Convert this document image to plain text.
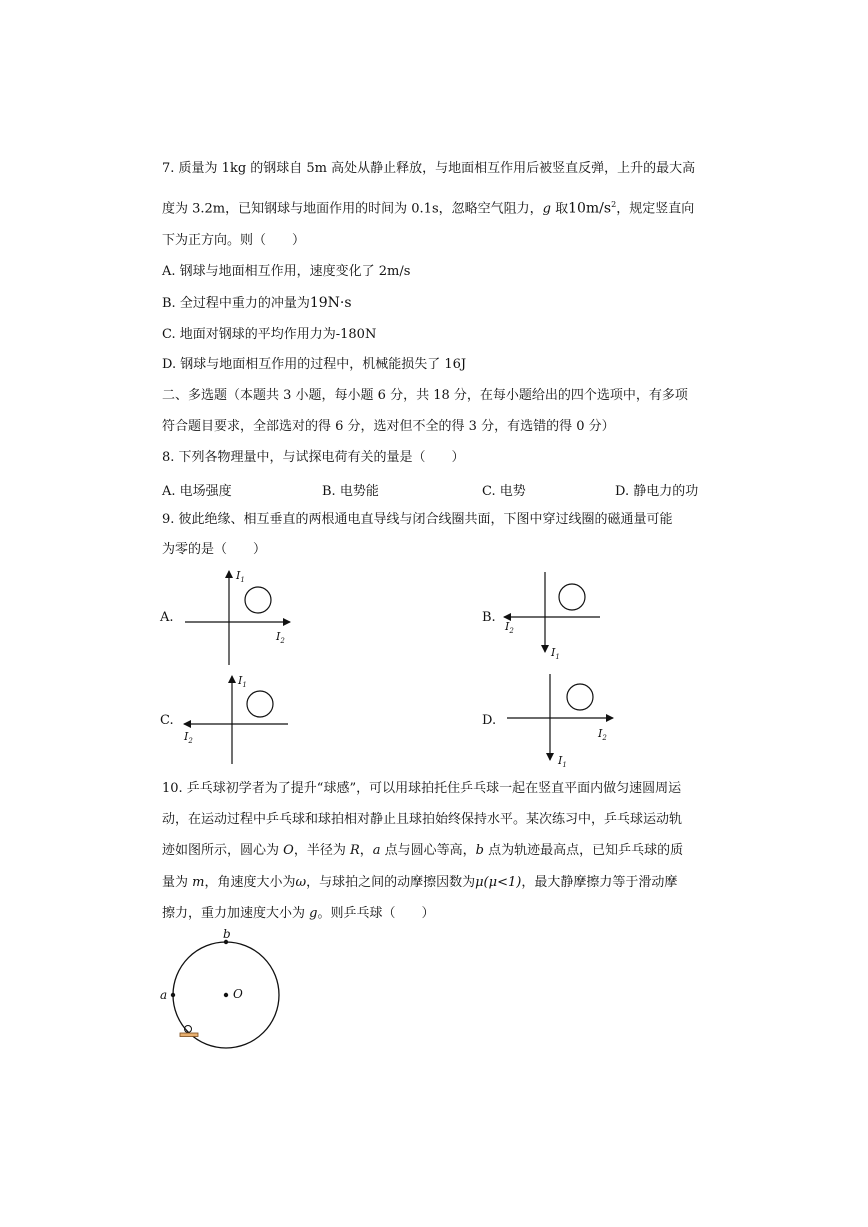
7. 质量为 1kg 的钢球自 5m 高处从静止释放，与地面相互作用后被竖直反弹，上升的最大高
度为 3.2m，已知钢球与地面作用的时间为 0.1s，忽略空气阻力，g 取$10m/s^2$，规定竖直向
下为正方向。则（　　）
A. 钢球与地面相互作用，速度变化了 2m/s
B. 全过程中重力的冲量为19N·s
C. 地面对钢球的平均作用力为-180N
D. 钢球与地面相互作用的过程中，机械能损失了 16J
二、多选题（本题共 3 小题，每小题 6 分，共 18 分，在每小题给出的四个选项中，有多项
符合题目要求，全部选对的得 6 分，选对但不全的得 3 分，有选错的得 0 分）
8. 下列各物理量中，与试探电荷有关的量是（　　）
A. 电场强度	B. 电势能	C. 电势	D. 静电力的功
9. 彼此绝缘、相互垂直的两根通电直导线与闭合线圈共面，下图中穿过线圈的磁通量可能
为零的是（　　）
A.
$I_1$
$I_2$
B.
$I_1$
$I_2$
C.
$I_1$
$I_2$
D.
$I_1$
$I_2$
10. 乒乓球初学者为了提升“球感”，可以用球拍托住乒乓球一起在竖直平面内做匀速圆周运
动，在运动过程中乒乓球和球拍相对静止且球拍始终保持水平。某次练习中，乒乓球运动轨
迹如图所示，圆心为 O，半径为 R，a 点与圆心等高，b 点为轨迹最高点，已知乒乓球的质
量为 m，角速度大小为ω，与球拍之间的动摩擦因数为μ(μ<1)，最大静摩擦力等于滑动摩
擦力，重力加速度大小为 g。则乒乓球（　　）
b
a	O
